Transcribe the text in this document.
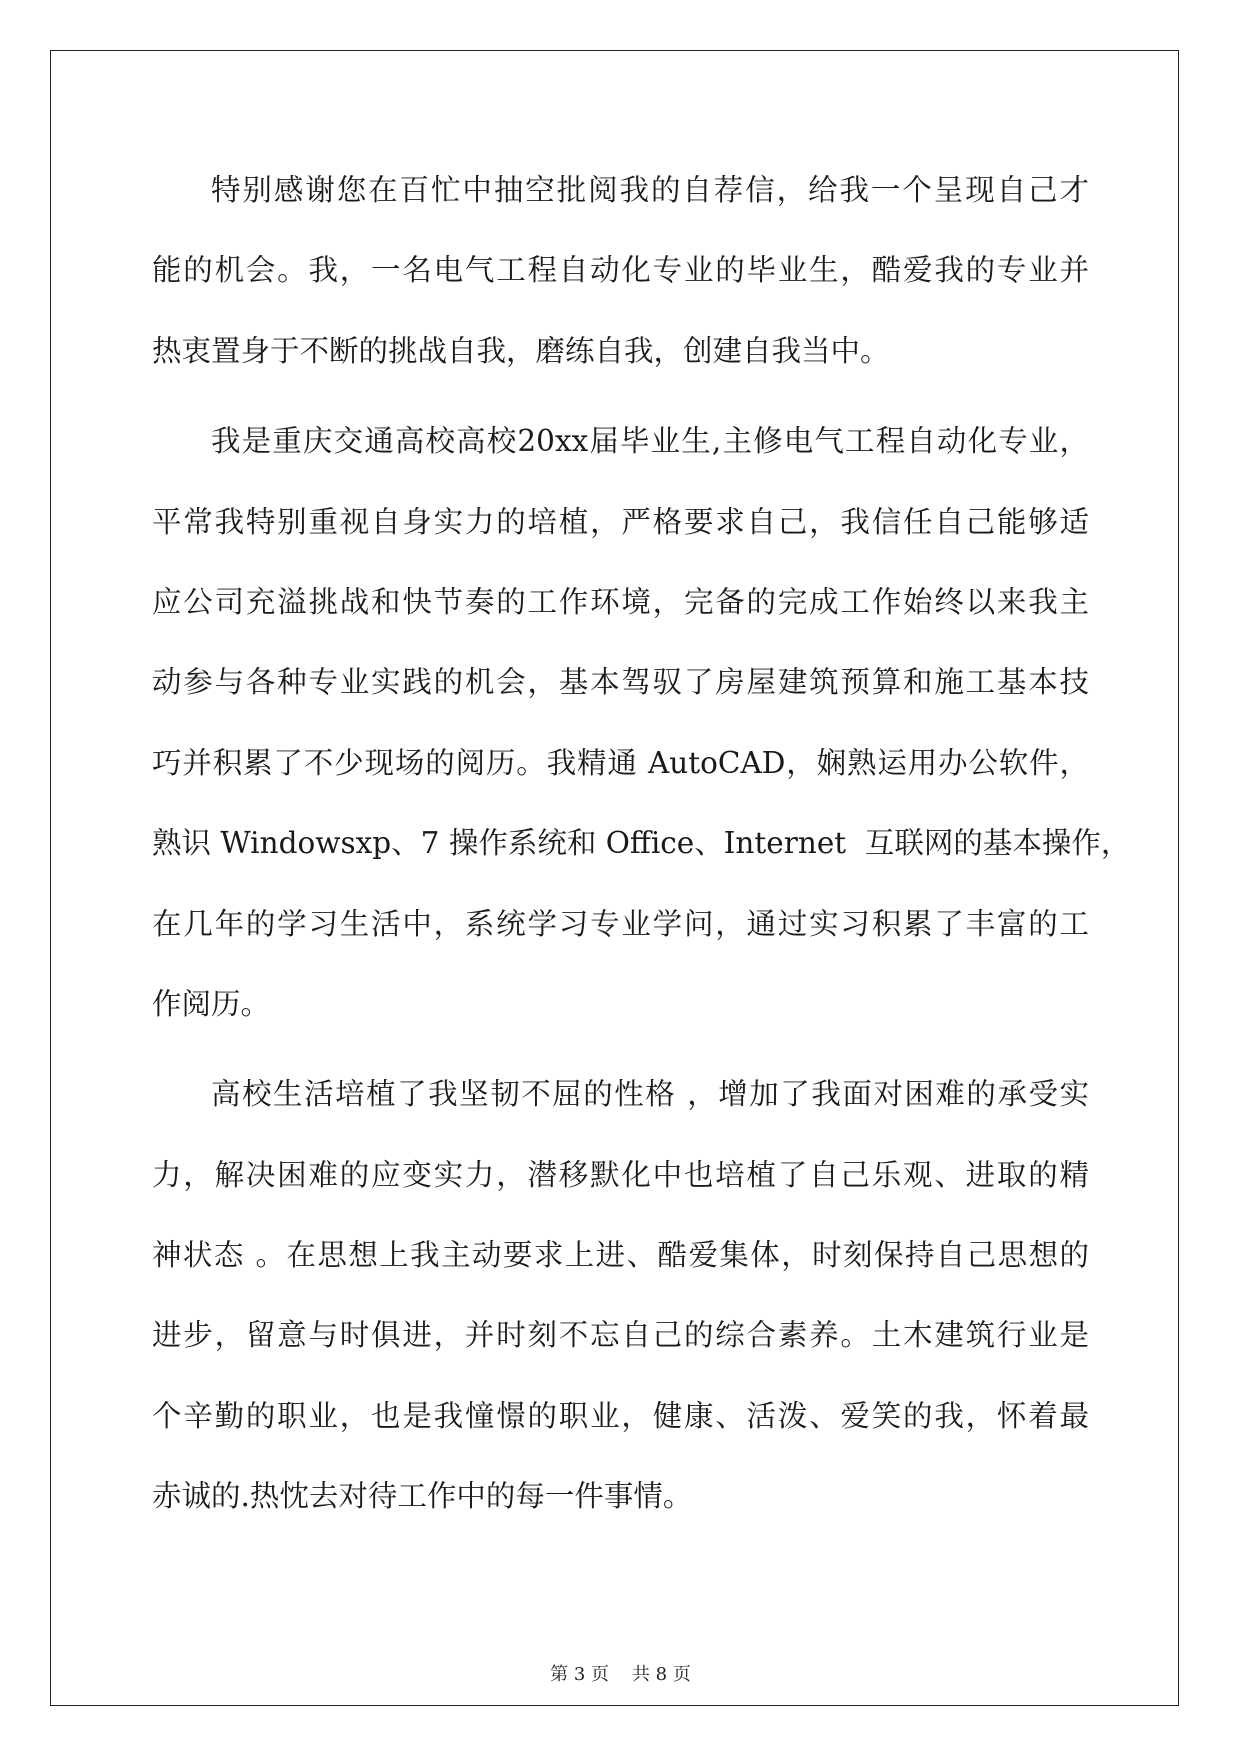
特别感谢您在百忙中抽空批阅我的自荐信，给我一个呈现自己才
能的机会。我，一名电气工程自动化专业的毕业生，酷爱我的专业并
热衷置身于不断的挑战自我，磨练自我，创建自我当中。
我是重庆交通高校高校20xx届毕业生,主修电气工程自动化专业，
平常我特别重视自身实力的培植，严格要求自己，我信任自己能够适
应公司充溢挑战和快节奏的工作环境，完备的完成工作始终以来我主
动参与各种专业实践的机会，基本驾驭了房屋建筑预算和施工基本技
巧并积累了不少现场的阅历。我精通 AutoCAD，娴熟运用办公软件，
熟识 Windowsxp、7 操作系统和 Office、Internet  互联网的基本操作，
在几年的学习生活中，系统学习专业学问，通过实习积累了丰富的工
作阅历。
高校生活培植了我坚韧不屈的性格 ，增加了我面对困难的承受实
力，解决困难的应变实力，潜移默化中也培植了自己乐观、进取的精
神状态 。在思想上我主动要求上进、酷爱集体，时刻保持自己思想的
进步，留意与时俱进，并时刻不忘自己的综合素养。土木建筑行业是
个辛勤的职业，也是我憧憬的职业，健康、活泼、爱笑的我，怀着最
赤诚的.热忱去对待工作中的每一件事情。
第 3 页    共 8 页
